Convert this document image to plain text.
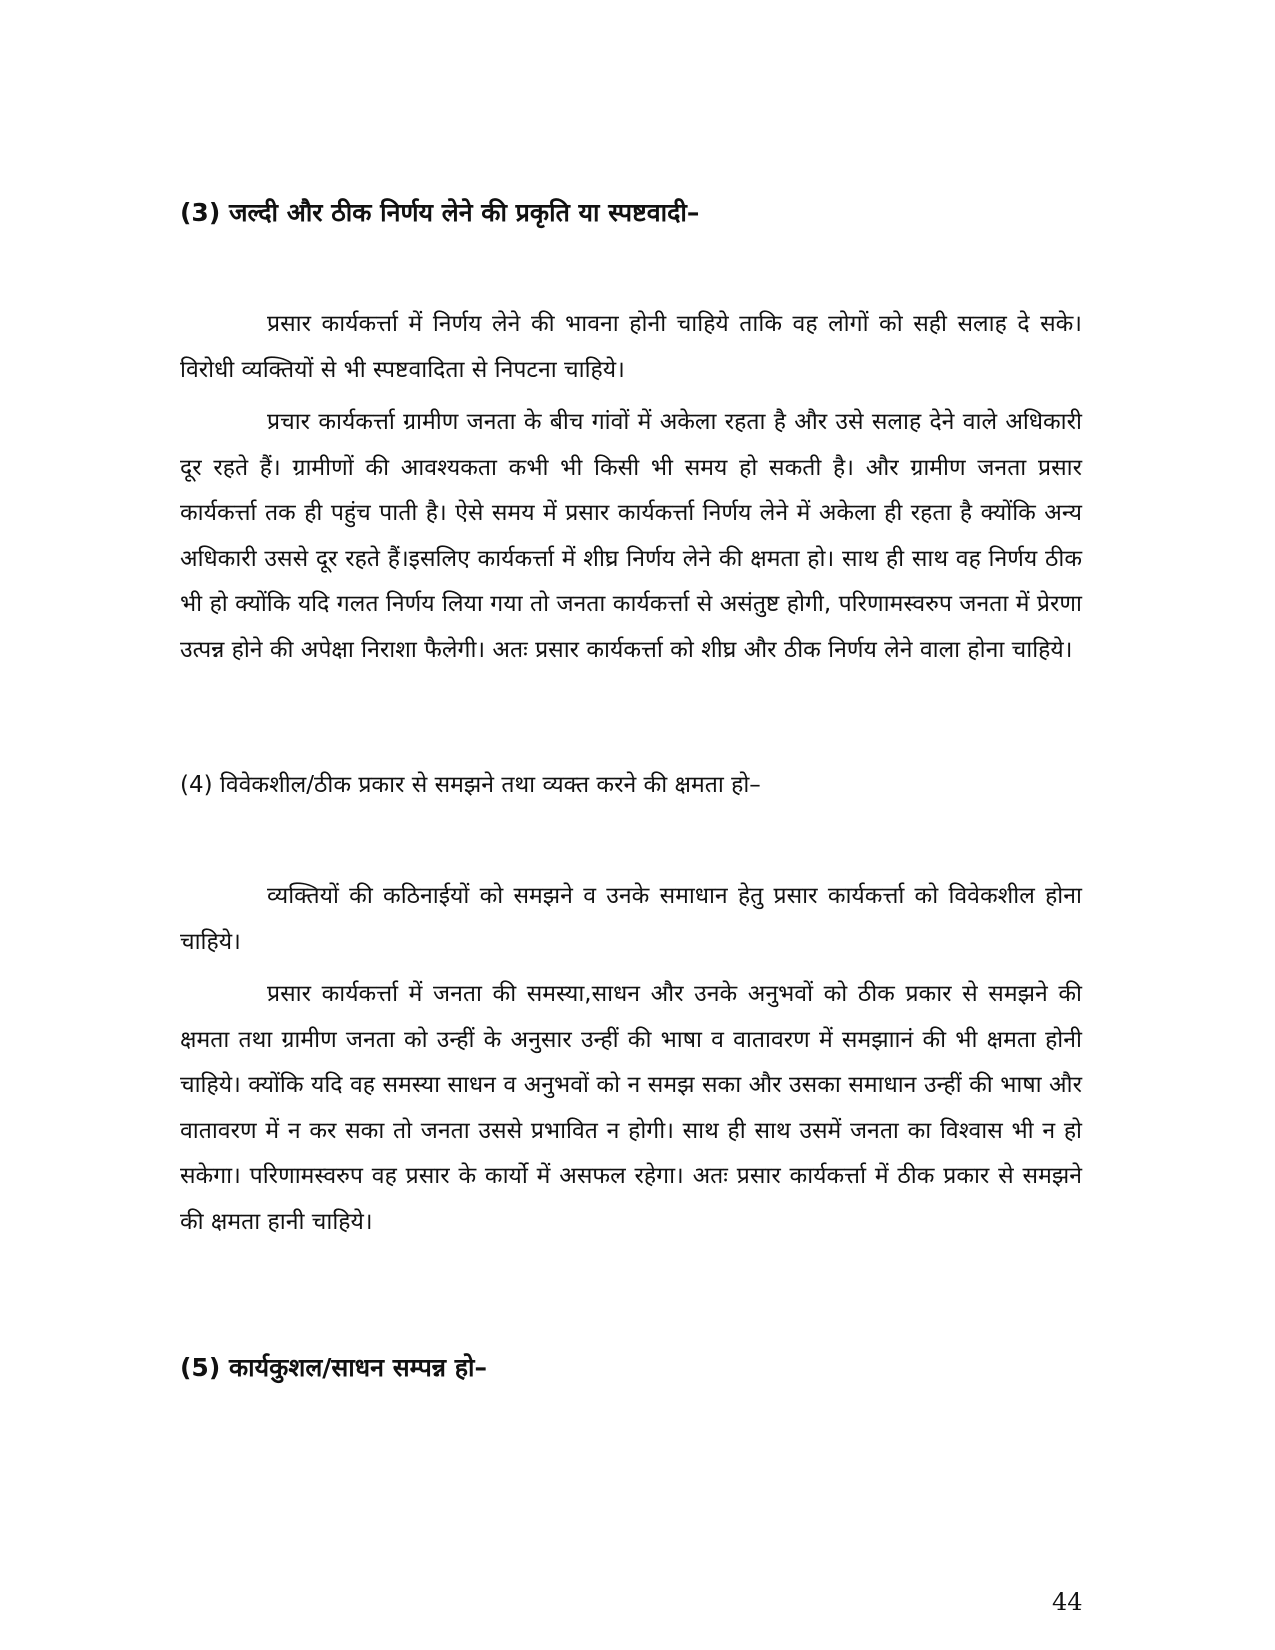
(3) जल्दी और ठीक निर्णय लेने की प्रकृति या स्पष्टवादी–

प्रसार कार्यकर्त्ता में निर्णय लेने की भावना होनी चाहिये ताकि वह लोगों को सही सलाह दे सके। विरोधी व्यक्तियों से भी स्पष्टवादिता से निपटना चाहिये।

प्रचार कार्यकर्त्ता ग्रामीण जनता के बीच गांवों में अकेला रहता है और उसे सलाह देने वाले अधिकारी दूर रहते हैं। ग्रामीणों की आवश्यकता कभी भी किसी भी समय हो सकती है। और ग्रामीण जनता प्रसार कार्यकर्त्ता तक ही पहुंच पाती है। ऐसे समय में प्रसार कार्यकर्त्ता निर्णय लेने में अकेला ही रहता है क्योंकि अन्य अधिकारी उससे दूर रहते हैं।इसलिए कार्यकर्त्ता में शीघ्र निर्णय लेने की क्षमता हो। साथ ही साथ वह निर्णय ठीक भी हो क्योंकि यदि गलत निर्णय लिया गया तो जनता कार्यकर्त्ता से असंतुष्ट होगी, परिणामस्वरुप जनता में प्रेरणा उत्पन्न होने की अपेक्षा निराशा फैलेगी। अतः प्रसार कार्यकर्त्ता को शीघ्र और ठीक निर्णय लेने वाला होना चाहिये।

(4) विवेकशील/ठीक प्रकार से समझने तथा व्यक्त करने की क्षमता हो–

व्यक्तियों की कठिनाईयों को समझने व उनके समाधान हेतु प्रसार कार्यकर्त्ता को विवेकशील होना चाहिये।

प्रसार कार्यकर्त्ता में जनता की समस्या,साधन और उनके अनुभवों को ठीक प्रकार से समझने की क्षमता तथा ग्रामीण जनता को उन्हीं के अनुसार उन्हीं की भाषा व वातावरण में समझाानं की भी क्षमता होनी चाहिये। क्योंकि यदि वह समस्या साधन व अनुभवों को न समझ सका और उसका समाधान उन्हीं की भाषा और वातावरण में न कर सका तो जनता उससे प्रभावित न होगी। साथ ही साथ उसमें जनता का विश्वास भी न हो सकेगा। परिणामस्वरुप वह प्रसार के कार्यो में असफल रहेगा। अतः प्रसार कार्यकर्त्ता में ठीक प्रकार से समझने की क्षमता हानी चाहिये।

(5) कार्यकुशल/साधन सम्पन्न हो–
44
